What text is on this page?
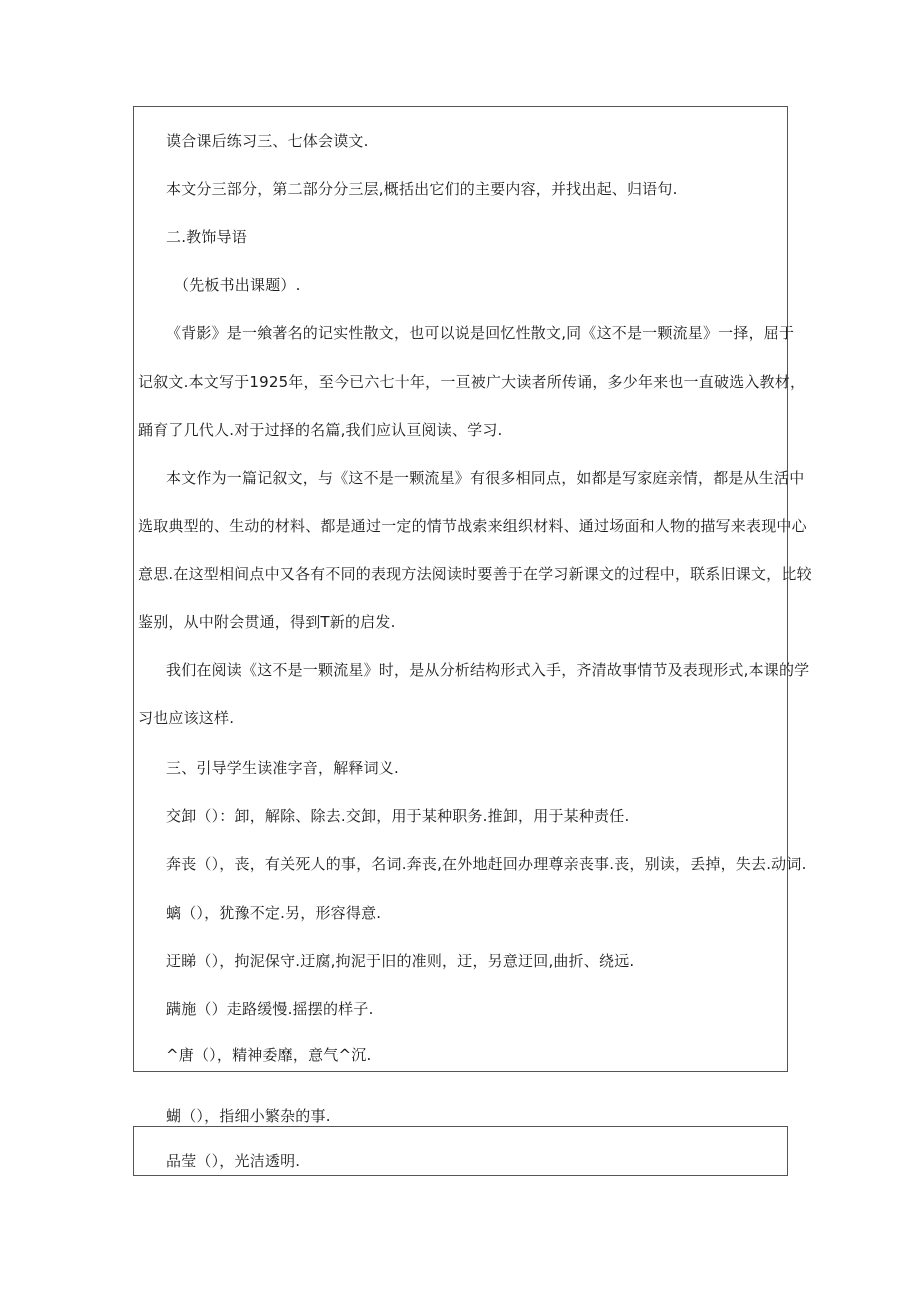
谟合课后练习三、七体会谟文.
本文分三部分，第二部分分三层,概括出它们的主要内容，并找出起、归语句.
二.教饰导语
（先板书出课题）.
《背影》是一飨著名的记实性散文，也可以说是回忆性散文,同《这不是一颗流星》一择，屈于
记叙文.本文写于1925年，至今已六七十年，一亘被广大读者所传诵，多少年来也一直破选入教材，
踊育了几代人.对于过择的名篇,我们应认亘阅读、学习.
本文作为一篇记叙文，与《这不是一颗流星》有很多相同点，如都是写家庭亲情，都是从生活中
选取典型的、生动的材料、都是通过一定的情节战索来组织材料、通过场面和人物的描写来表现中心
意思.在这型相间点中又各有不同的表现方法阅读时要善于在学习新课文的过程中，联系旧课文，比较
鉴别，从中附会贯通，得到T新的启发.
我们在阅读《这不是一颗流星》时，是从分析结构形式入手，齐清故事情节及表现形式,本课的学
习也应该这样.
三、引导学生读准字音，解释词义.
交卸（）：卸，解除、除去.交卸，用于某种职务.推卸，用于某种责任.
奔丧（），丧，有关死人的事，名词.奔丧,在外地赶回办理尊亲丧事.丧，别读，丢掉，失去.动词.
螭（），犹豫不定.另，形容得意.
迂睇（），拘泥保守.迂腐,拘泥于旧的准则，迂，另意迂回,曲折、绕远.
蹒施（）走路缓慢.摇摆的样子.
^唐（），精神委靡，意气^沉.
蝴（），指细小繁杂的事.
品莹（），光洁透明.
